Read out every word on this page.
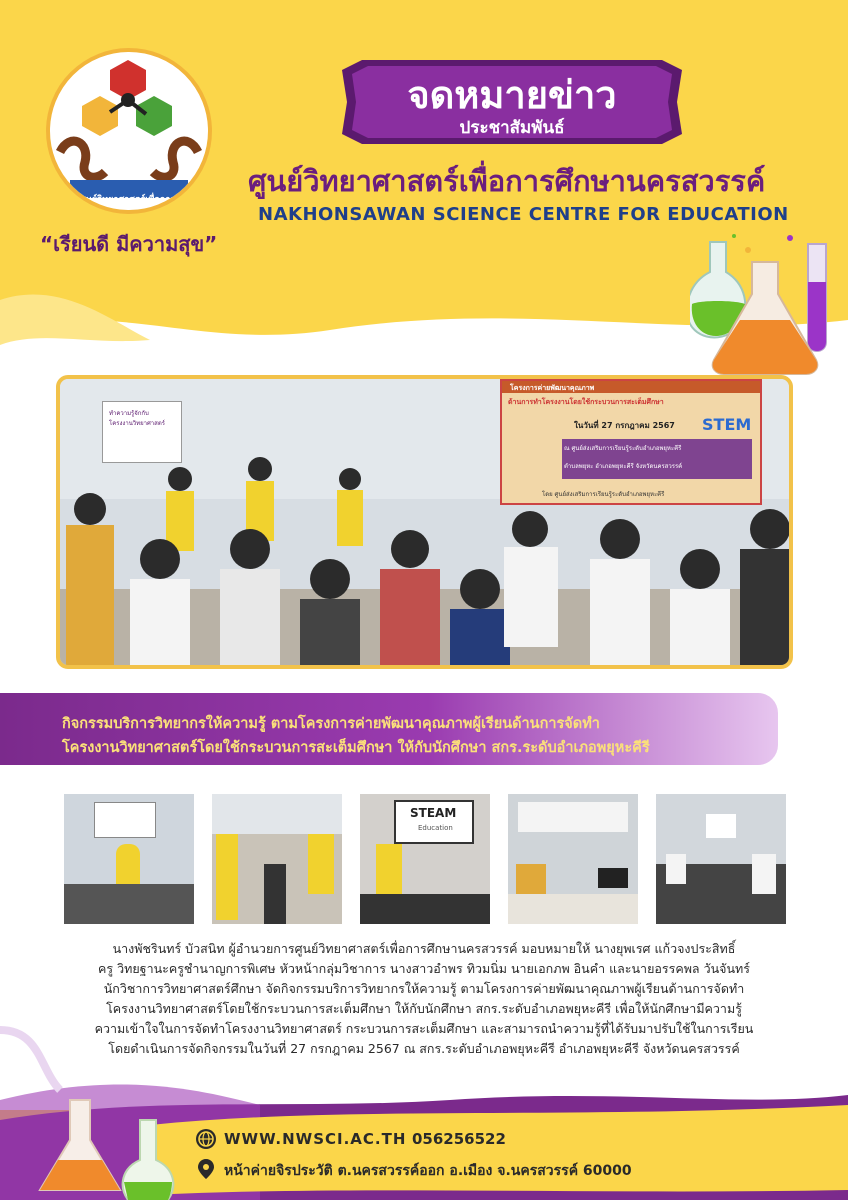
ศูนย์วิทยาศาสตร์เพื่อการศึกษา
“เรียนดี มีความสุข”
จดหมายข่าว
ประชาสัมพันธ์
ศูนย์วิทยาศาสตร์เพื่อการศึกษานครสวรรค์
NAKHONSAWAN SCIENCE CENTRE FOR EDUCATION
ทำความรู้จักกับ
โครงงานวิทยาศาสตร์
โครงการค่ายพัฒนาคุณภาพ
ด้านการทำโครงงานโดยใช้กระบวนการสะเต็มศึกษา
ในวันที่ 27 กรกฎาคม 2567 STEM
ณ ศูนย์ส่งเสริมการเรียนรู้ระดับอำเภอพยุหะคีรี
ตำบลพยุหะ อำเภอพยุหะคีรี จังหวัดนครสวรรค์
โดย ศูนย์ส่งเสริมการเรียนรู้ระดับอำเภอพยุหะคีรี
กิจกรรมบริการวิทยากรให้ความรู้ ตามโครงการค่ายพัฒนาคุณภาพผู้เรียนด้านการจัดทำ
โครงงานวิทยาศาสตร์โดยใช้กระบวนการสะเต็มศึกษา ให้กับนักศึกษา สกร.ระดับอำเภอพยุหะคีรี
STEAM
Education
นางพัชรินทร์ บัวสนิท ผู้อำนวยการศูนย์วิทยาศาสตร์เพื่อการศึกษานครสวรรค์ มอบหมายให้ นางยุพเรศ แก้วจงประสิทธิ์
ครู วิทยฐานะครูชำนาญการพิเศษ หัวหน้ากลุ่มวิชาการ นางสาวอำพร ทิวมนิ่ม นายเอกภพ อินคำ และนายอรรคพล วันจันทร์
นักวิชาการวิทยาศาสตร์ศึกษา จัดกิจกรรมบริการวิทยากรให้ความรู้ ตามโครงการค่ายพัฒนาคุณภาพผู้เรียนด้านการจัดทำ
โครงงานวิทยาศาสตร์โดยใช้กระบวนการสะเต็มศึกษา ให้กับนักศึกษา สกร.ระดับอำเภอพยุหะคีรี เพื่อให้นักศึกษามีความรู้
ความเข้าใจในการจัดทำโครงงานวิทยาศาสตร์ กระบวนการสะเต็มศึกษา และสามารถนำความรู้ที่ได้รับมาปรับใช้ในการเรียน
โดยดำเนินการจัดกิจกรรมในวันที่ 27 กรกฎาคม 2567 ณ สกร.ระดับอำเภอพยุหะคีรี อำเภอพยุหะคีรี จังหวัดนครสวรรค์
WWW.NWSCI.AC.TH 056256522
หน้าค่ายจิรประวัติ ต.นครสวรรค์ออก อ.เมือง จ.นครสวรรค์ 60000
